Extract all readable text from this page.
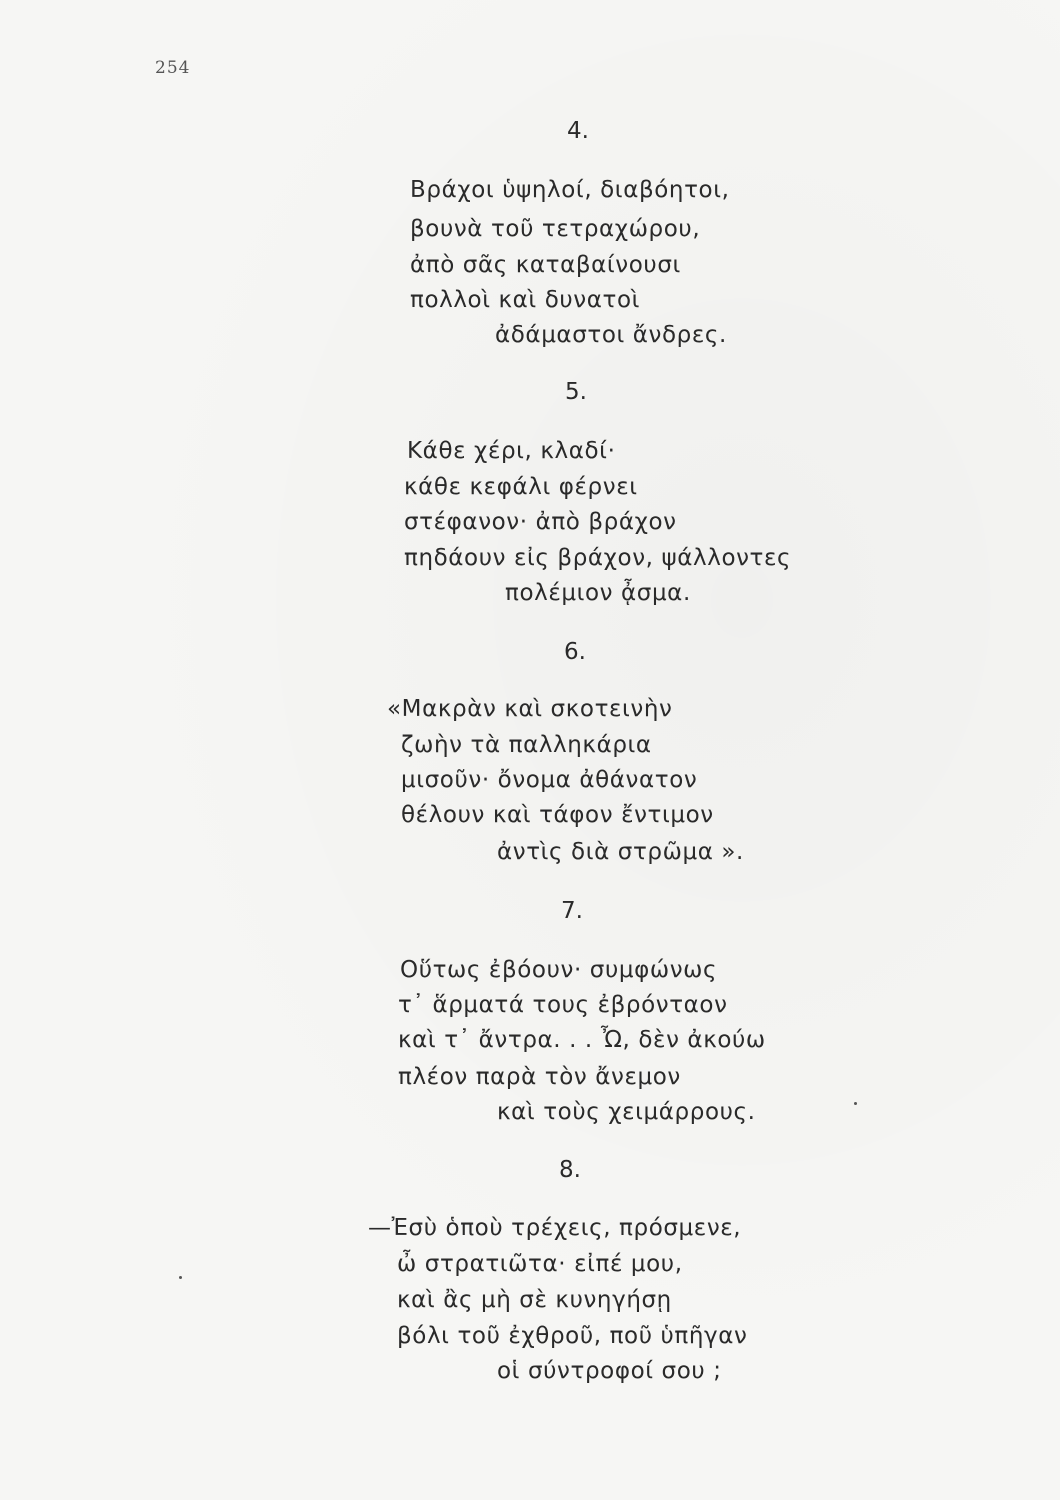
254
4.
Βράχοι ὑψηλοί, διαβόητοι,
βουνὰ τοῦ τετραχώρου,
ἀπὸ σᾶς καταβαίνουσι
πολλοὶ καὶ δυνατοὶ
ἀδάμαστοι ἄνδρες.
5.
Κάθε χέρι, κλαδί·
κάθε κεφάλι φέρνει
στέφανον· ἀπὸ βράχον
πηδάουν εἰς βράχον, ψάλλοντες
πολέμιον ᾆσμα.
6.
«Μακρὰν καὶ σκοτεινὴν
ζωὴν τὰ παλληκάρια
μισοῦν· ὄνομα ἀθάνατον
θέλουν καὶ τάφον ἔντιμον
ἀντὶς διὰ στρῶμα ».
7.
Οὕτως ἐβόουν· συμφώνως
τ᾽ ἅρματά τους ἐβρόνταον
καὶ τ᾽ ἄντρα. . . Ὦ, δὲν ἀκούω
πλέον παρὰ τὸν ἄνεμον
καὶ τοὺς χειμάρρους.
8.
—Ἐσὺ ὁποὺ τρέχεις, πρόσμενε,
ὦ στρατιῶτα· εἰπέ μου,
καὶ ἂς μὴ σὲ κυνηγήσῃ
βόλι τοῦ ἐχθροῦ, ποῦ ὑπῆγαν
οἱ σύντροφοί σου ;
